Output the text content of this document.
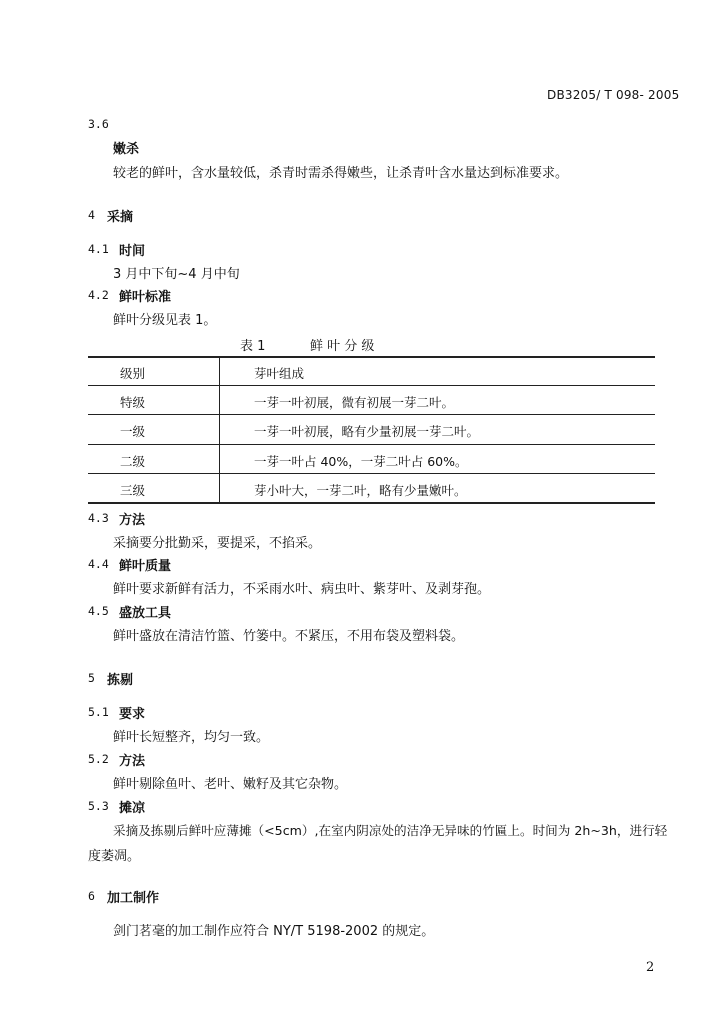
DB3205/ T 098- 2005
3.6
嫩杀
较老的鲜叶，含水量较低，杀青时需杀得嫩些，让杀青叶含水量达到标准要求。
4 采摘
4.1 时间
3 月中下旬~4 月中旬
4.2 鲜叶标准
鲜叶分级见表 1。
表 1	鲜 叶 分 级
级别	芽叶组成
特级	一芽一叶初展，微有初展一芽二叶。
一级	一芽一叶初展，略有少量初展一芽二叶。
二级	一芽一叶占 40%，一芽二叶占 60%。
三级	芽小叶大，一芽二叶，略有少量嫩叶。
4.3 方法
采摘要分批勤采，要提采，不掐采。
4.4 鲜叶质量
鲜叶要求新鲜有活力，不采雨水叶、病虫叶、紫芽叶、及剥芽孢。
4.5 盛放工具
鲜叶盛放在清洁竹篮、竹篓中。不紧压，不用布袋及塑料袋。
5 拣剔
5.1 要求
鲜叶长短整齐，均匀一致。
5.2 方法
鲜叶剔除鱼叶、老叶、嫩籽及其它杂物。
5.3 摊凉
采摘及拣剔后鲜叶应薄摊（<5cm）,在室内阴凉处的洁净无异味的竹匾上。时间为 2h~3h，进行轻
度萎凋。
6 加工制作
剑门茗毫的加工制作应符合 NY/T 5198-2002 的规定。
2
